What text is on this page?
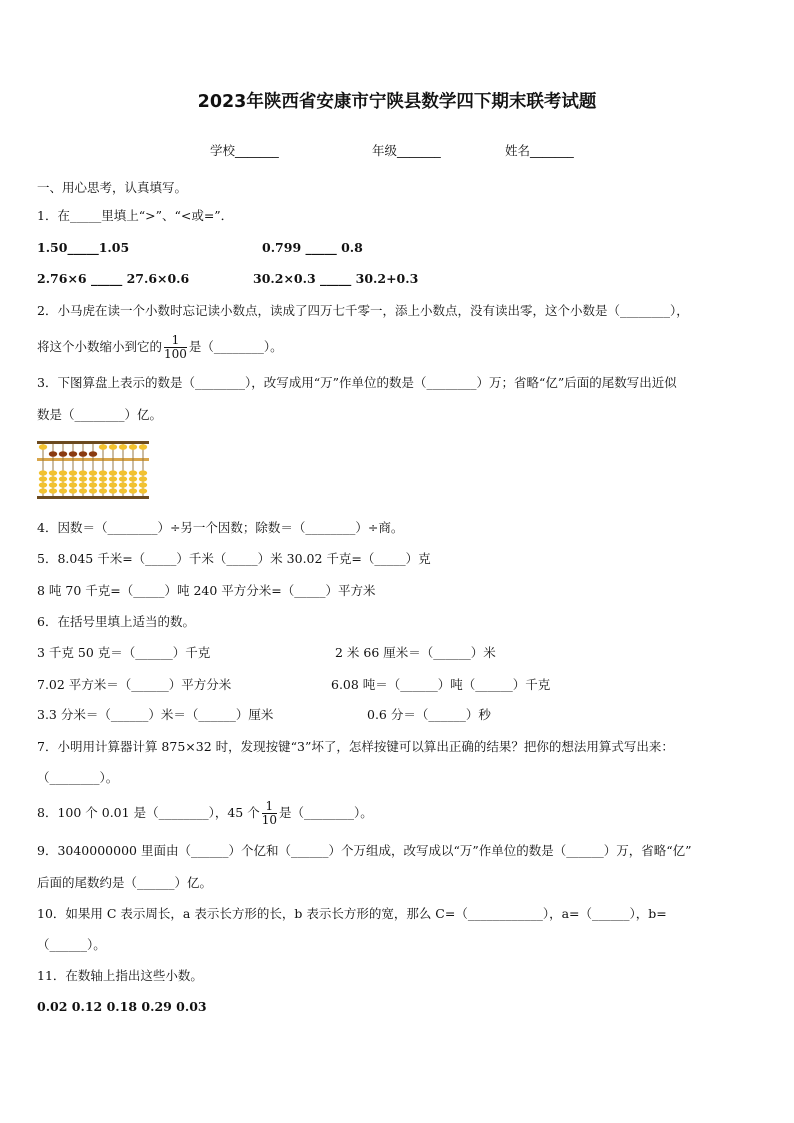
2023年陕西省安康市宁陕县数学四下期末联考试题
学校_______	年级_______	姓名_______
一、用心思考，认真填写。
1．在_____里填上“>”、“<或=”．
1.50_____1.05	0.799 _____ 0.8
2.76×6 _____ 27.6×0.6	30.2×0.3 _____ 30.2+0.3
2．小马虎在读一个小数时忘记读小数点，读成了四万七千零一，添上小数点，没有读出零，这个小数是（________），
将这个小数缩小到它的 $\frac{1}{100}$ 是（________）。
3．下图算盘上表示的数是（________），改写成用“万”作单位的数是（________）万；省略“亿”后面的尾数写出近似
数是（________）亿。
4．因数＝（________）÷另一个因数；除数＝（________）÷商。
5．8.045 千米=（_____）千米（_____）米 30.02 千克=（_____）克
8 吨 70 千克=（_____）吨 240 平方分米=（_____）平方米
6．在括号里填上适当的数。
3 千克 50 克＝（______）千克	2 米 66 厘米＝（______）米
7.02 平方米＝（______）平方分米	6.08 吨＝（______）吨（______）千克
3.3 分米＝（______）米＝（______）厘米	0.6 分＝（______）秒
7．小明用计算器计算 875×32 时，发现按键“3”坏了，怎样按键可以算出正确的结果？把你的想法用算式写出来：
（________）。
8．100 个 0.01 是（________），45 个 $\frac{1}{10}$ 是（________）。
9．3040000000 里面由（______）个亿和（______）个万组成，改写成以“万”作单位的数是（______）万，省略“亿”
后面的尾数约是（______）亿。
10．如果用 C 表示周长，a 表示长方形的长，b 表示长方形的宽，那么 C=（____________），a=（______），b=
（______）。
11．在数轴上指出这些小数。
0.02 0.12 0.18 0.29 0.03
